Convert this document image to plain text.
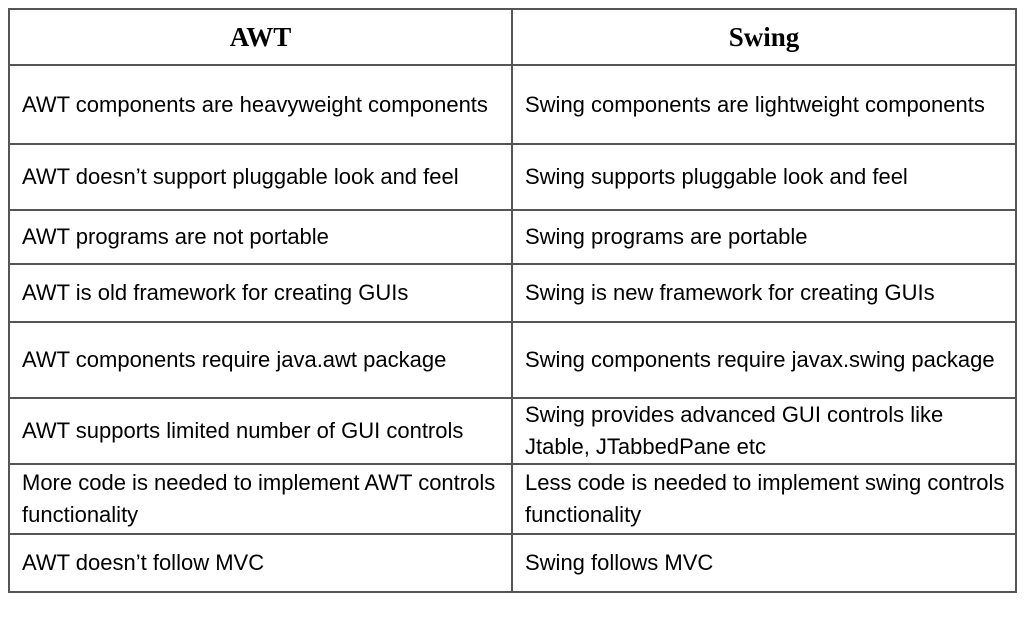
AWT	Swing
AWT components are heavyweight components	Swing components are lightweight components
AWT doesn’t support pluggable look and feel	Swing supports pluggable look and feel
AWT programs are not portable	Swing programs are portable
AWT is old framework for creating GUIs	Swing is new framework for creating GUIs
AWT components require java.awt package	Swing components require javax.swing package
AWT supports limited number of GUI controls	Swing provides advanced GUI controls like Jtable, JTabbedPane etc
More code is needed to implement AWT controls functionality	Less code is needed to implement swing controls functionality
AWT doesn’t follow MVC	Swing follows MVC
